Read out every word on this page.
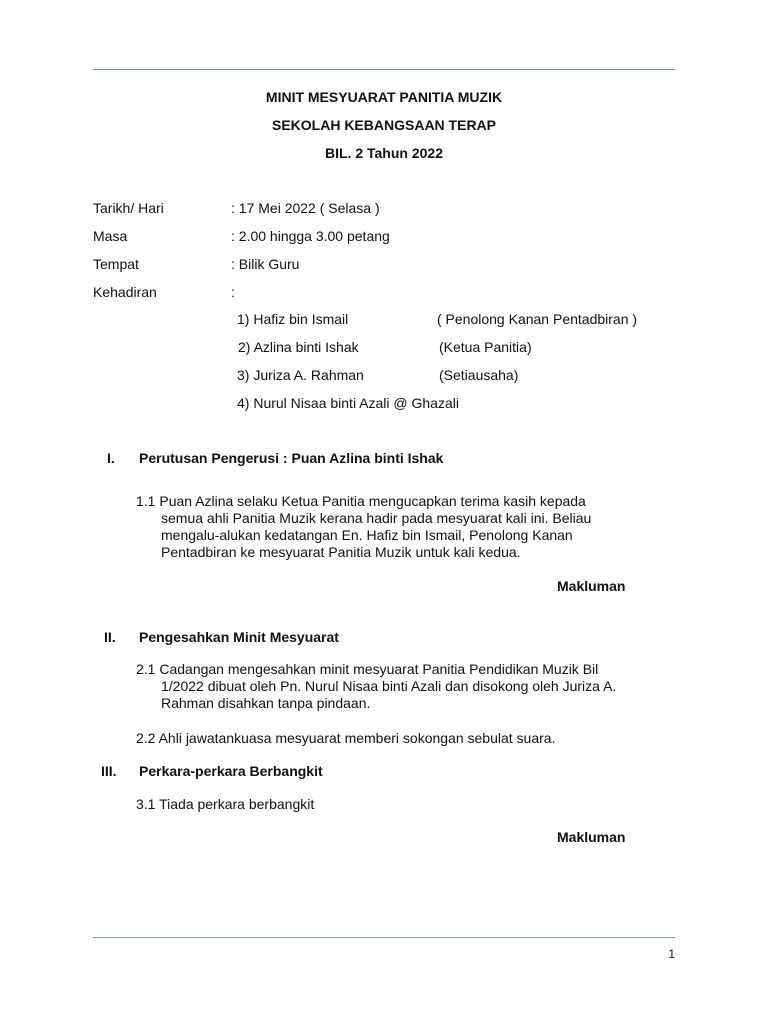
MINIT MESYUARAT PANITIA MUZIK
SEKOLAH KEBANGSAAN TERAP
BIL. 2 Tahun 2022
Tarikh/ Hari	: 17 Mei 2022 ( Selasa )
Masa	: 2.00 hingga 3.00 petang
Tempat	: Bilik Guru
Kehadiran	:
1) Hafiz bin Ismail	( Penolong Kanan Pentadbiran )
2) Azlina binti Ishak	(Ketua Panitia)
3) Juriza A. Rahman	(Setiausaha)
4) Nurul Nisaa binti Azali @ Ghazali
I. Perutusan Pengerusi : Puan Azlina binti Ishak
1.1 Puan Azlina selaku Ketua Panitia mengucapkan terima kasih kepada
semua ahli Panitia Muzik kerana hadir pada mesyuarat kali ini. Beliau
mengalu-alukan kedatangan En. Hafiz bin Ismail, Penolong Kanan
Pentadbiran ke mesyuarat Panitia Muzik untuk kali kedua.
Makluman
II. Pengesahkan Minit Mesyuarat
2.1 Cadangan mengesahkan minit mesyuarat Panitia Pendidikan Muzik Bil
1/2022 dibuat oleh Pn. Nurul Nisaa binti Azali dan disokong oleh Juriza A.
Rahman disahkan tanpa pindaan.
2.2 Ahli jawatankuasa mesyuarat memberi sokongan sebulat suara.
III. Perkara-perkara Berbangkit
3.1 Tiada perkara berbangkit
Makluman
1
